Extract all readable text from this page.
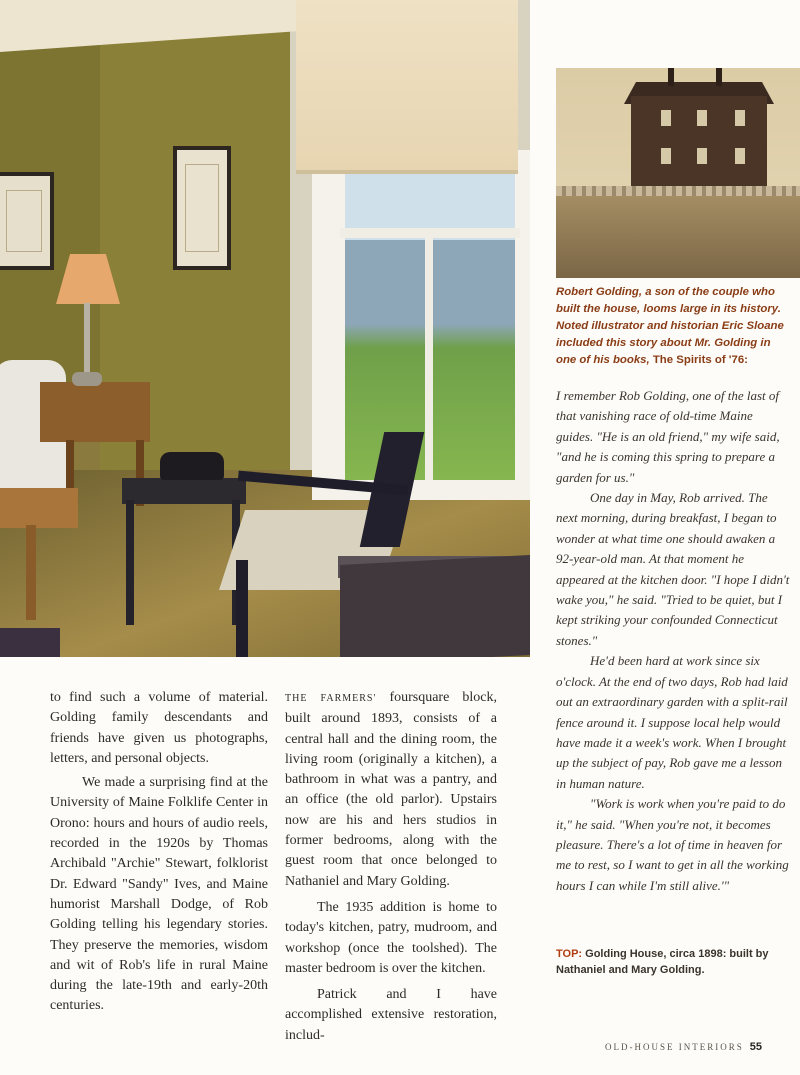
Robert Golding, a son of the couple who built the house, looms large in its history. Noted illustrator and historian Eric Sloane included this story about Mr. Golding in one of his books, The Spirits of '76:

I remember Rob Golding, one of the last of that vanishing race of old-time Maine guides. "He is an old friend," my wife said, "and he is coming this spring to prepare a garden for us."

One day in May, Rob arrived. The next morning, during breakfast, I began to wonder at what time one should awaken a 92-year-old man. At that moment he appeared at the kitchen door. "I hope I didn't wake you," he said. "Tried to be quiet, but I kept striking your confounded Connecticut stones."

He'd been hard at work since six o'clock. At the end of two days, Rob had laid out an extraordinary garden with a split-rail fence around it. I suppose local help would have made it a week's work. When I brought up the subject of pay, Rob gave me a lesson in human nature.

"Work is work when you're paid to do it," he said. "When you're not, it becomes pleasure. There's a lot of time in heaven for me to rest, so I want to get in all the working hours I can while I'm still alive.'"

TOP: Golding House, circa 1898: built by Nathaniel and Mary Golding.

to find such a volume of material. Golding family descendants and friends have given us photographs, letters, and personal objects.

We made a surprising find at the University of Maine Folklife Center in Orono: hours and hours of audio reels, recorded in the 1920s by Thomas Archibald "Archie" Stewart, folklorist Dr. Edward "Sandy" Ives, and Maine humorist Marshall Dodge, of Rob Golding telling his legendary stories. They preserve the memories, wisdom and wit of Rob's life in rural Maine during the late-19th and early-20th centuries.

THE FARMERS' foursquare block, built around 1893, consists of a central hall and the dining room, the living room (originally a kitchen), a bathroom in what was a pantry, and an office (the old parlor). Upstairs now are his and hers studios in former bedrooms, along with the guest room that once belonged to Nathaniel and Mary Golding.

The 1935 addition is home to today's kitchen, patry, mudroom, and workshop (once the toolshed). The master bedroom is over the kitchen.

Patrick and I have accomplished extensive restoration, includ-

OLD-HOUSE INTERIORS 55
